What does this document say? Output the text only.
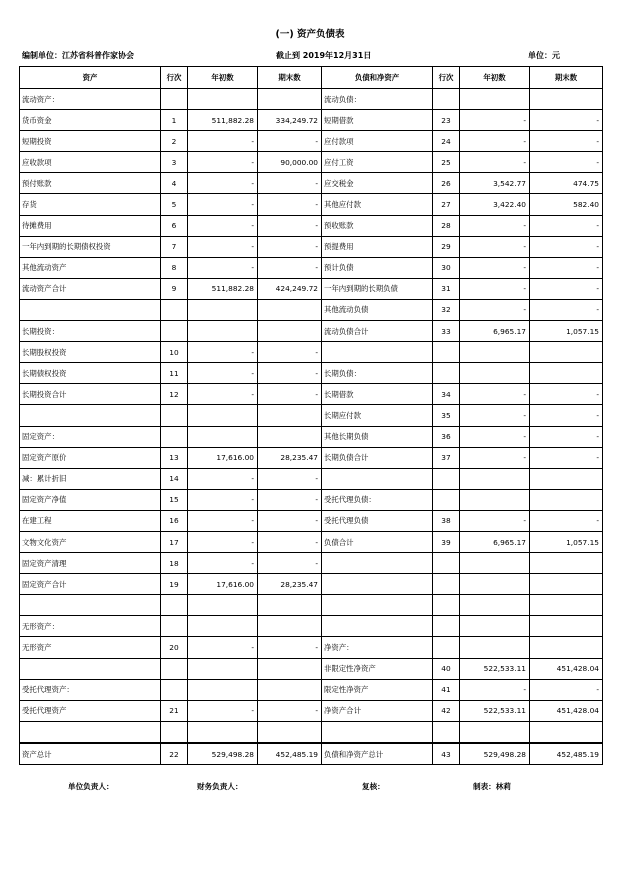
(一) 资产负债表
编制单位：江苏省科普作家协会	截止到 2019年12月31日	单位：元
资产	行次	年初数	期末数	负债和净资产	行次	年初数	期末数
流动资产：				流动负债：			
货币资金	1	511,882.28	334,249.72	短期借款	23	-	-
短期投资	2	-	-	应付款项	24	-	-
应收款项	3	-	90,000.00	应付工资	25	-	-
预付账款	4	-	-	应交税金	26	3,542.77	474.75
存货	5	-	-	其他应付款	27	3,422.40	582.40
待摊费用	6	-	-	预收账款	28	-	-
一年内到期的长期债权投资	7	-	-	预提费用	29	-	-
其他流动资产	8	-	-	预计负债	30	-	-
流动资产合计	9	511,882.28	424,249.72	一年内到期的长期负债	31	-	-
				其他流动负债	32	-	-
长期投资：				流动负债合计	33	6,965.17	1,057.15
长期股权投资	10	-	-				
长期债权投资	11	-	-	长期负债：			
长期投资合计	12	-	-	长期借款	34	-	-
				长期应付款	35	-	-
固定资产：				其他长期负债	36	-	-
固定资产原价	13	17,616.00	28,235.47	长期负债合计	37	-	-
减：累计折旧	14	-	-				
固定资产净值	15	-	-	受托代理负债：			
在建工程	16	-	-	受托代理负债	38	-	-
文物文化资产	17	-	-	负债合计	39	6,965.17	1,057.15
固定资产清理	18	-	-				
固定资产合计	19	17,616.00	28,235.47				

无形资产：							
无形资产	20	-	-	净资产：			
				非限定性净资产	40	522,533.11	451,428.04
受托代理资产：				限定性净资产	41	-	-
受托代理资产	21	-	-	净资产合计	42	522,533.11	451,428.04

资产总计	22	529,498.28	452,485.19	负债和净资产总计	43	529,498.28	452,485.19
单位负责人：	财务负责人：	复核：	制表：林莉
